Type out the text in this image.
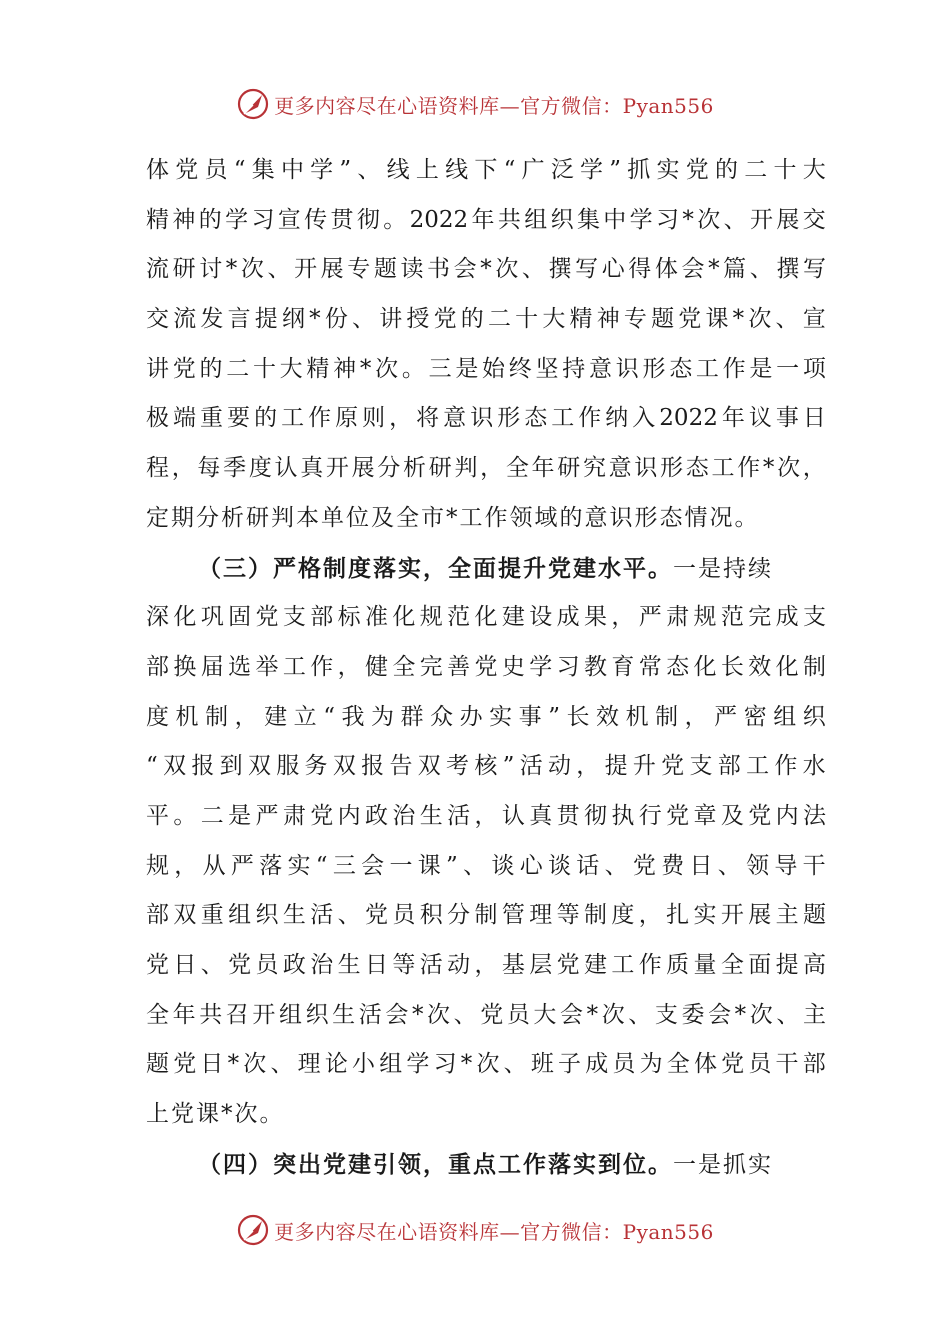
更多内容尽在心语资料库—官方微信：Pyan556
体 党 员 “ 集 中 学 ” 、 线 上 线 下 “ 广 泛 学 ” 抓 实 党 的 二 十 大
精 神 的 学 习 宣 传 贯 彻 。 2022 年 共 组 织 集 中 学 习 * 次 、 开 展 交
流 研 讨 * 次 、 开 展 专 题 读 书 会 * 次 、 撰 写 心 得 体 会 * 篇 、 撰 写
交 流 发 言 提 纲 * 份 、 讲 授 党 的 二 十 大 精 神 专 题 党 课 * 次 、 宣
讲 党 的 二 十 大 精 神 * 次 。 三 是 始 终 坚 持 意 识 形 态 工 作 是 一 项
极 端 重 要 的 工 作 原 则 ， 将 意 识 形 态 工 作 纳 入 2022 年 议 事 日
程 ， 每 季 度 认 真 开 展 分 析 研 判 ， 全 年 研 究 意 识 形 态 工 作 * 次 ，
定期分析研判本单位及全市*工作领域的意识形态情况。
（三）严格制度落实，全面提升党建水平。一是持续
深 化 巩 固 党 支 部 标 准 化 规 范 化 建 设 成 果 ， 严 肃 规 范 完 成 支
部 换 届 选 举 工 作 ， 健 全 完 善 党 史 学 习 教 育 常 态 化 长 效 化 制
度 机 制 ， 建 立 “ 我 为 群 众 办 实 事 ” 长 效 机 制 ， 严 密 组 织
“ 双 报 到 双 服 务 双 报 告 双 考 核 ” 活 动 ， 提 升 党 支 部 工 作 水
平 。 二 是 严 肃 党 内 政 治 生 活 ， 认 真 贯 彻 执 行 党 章 及 党 内 法
规 ， 从 严 落 实 “ 三 会 一 课 ” 、 谈 心 谈 话 、 党 费 日 、 领 导 干
部 双 重 组 织 生 活 、 党 员 积 分 制 管 理 等 制 度 ， 扎 实 开 展 主 题
党 日 、 党 员 政 治 生 日 等 活 动 ， 基 层 党 建 工 作 质 量 全 面 提 高
全 年 共 召 开 组 织 生 活 会 * 次 、 党 员 大 会 * 次 、 支 委 会 * 次 、 主
题 党 日 * 次 、 理 论 小 组 学 习 * 次 、 班 子 成 员 为 全 体 党 员 干 部
上党课*次。
（四）突出党建引领，重点工作落实到位。一是抓实
更多内容尽在心语资料库—官方微信：Pyan556
